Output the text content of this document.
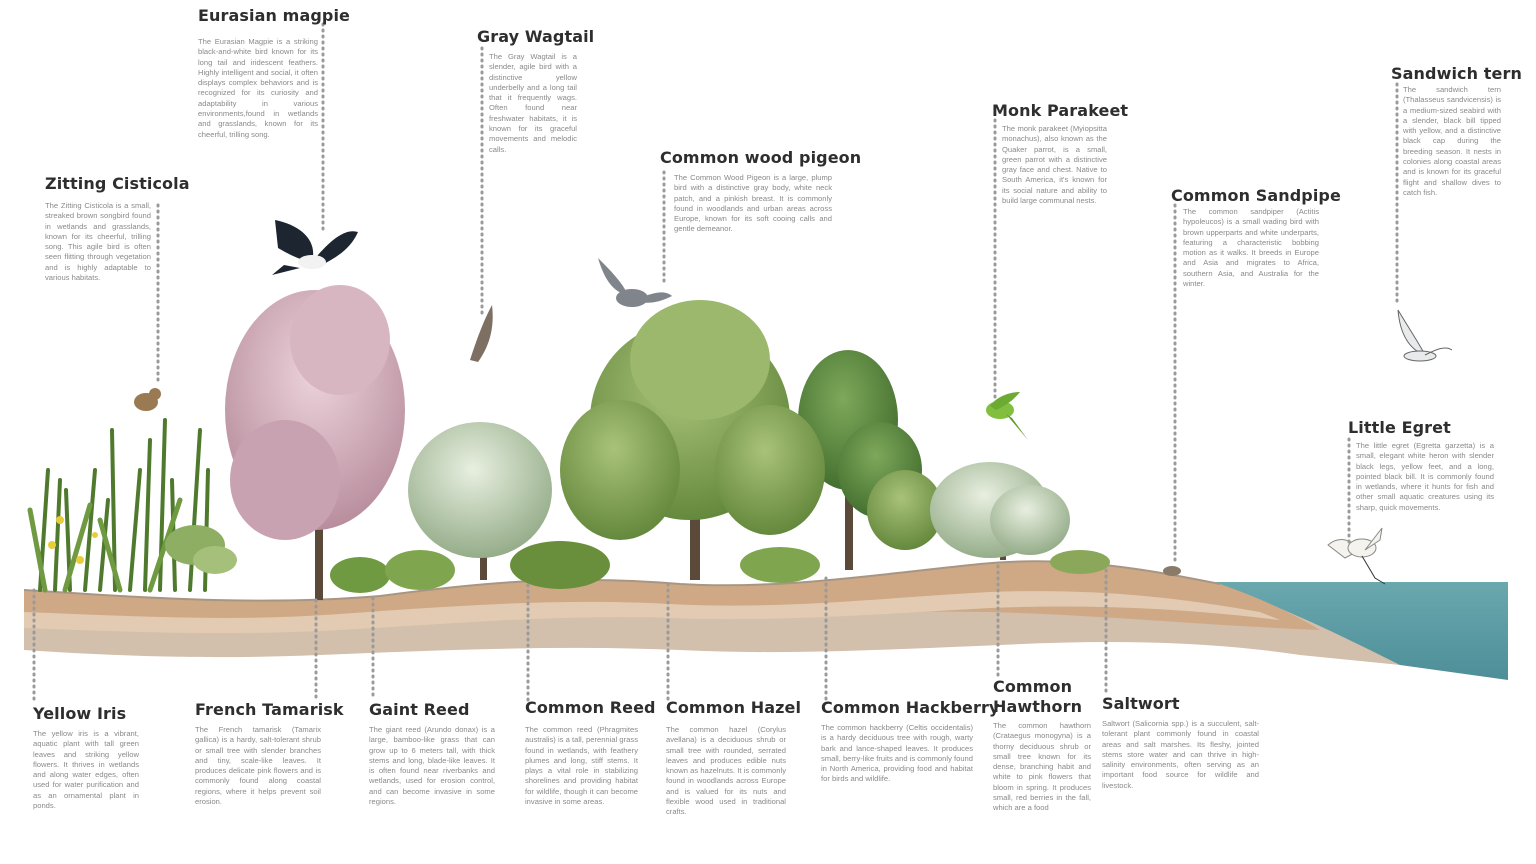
Eurasian magpie
The Eurasian Magpie is a striking black-and-white bird known for its long tail and iridescent feathers. Highly intelligent and social, it often displays complex behaviors and is recognized for its curiosity and adaptability in various environments,found in wetlands and grasslands, known for its cheerful, trilling song.
Gray Wagtail
The Gray Wagtail is a slender, agile bird with a distinctive yellow underbelly and a long tail that it frequently wags. Often found near freshwater habitats, it is known for its graceful movements and melodic calls.
Zitting Cisticola
The Zitting Cisticola is a small, streaked brown songbird found in wetlands and grasslands, known for its cheerful, trilling song. This agile bird is often seen flitting through vegetation and is highly adaptable to various habitats.
Common wood pigeon
The Common Wood Pigeon is a large, plump bird with a distinctive gray body, white neck patch, and a pinkish breast. It is commonly found in woodlands and urban areas across Europe, known for its soft cooing calls and gentle demeanor.
Monk Parakeet
The monk parakeet (Myiopsitta monachus), also known as the Quaker parrot, is a small, green parrot with a distinctive gray face and chest. Native to South America, it's known for its social nature and ability to build large communal nests.	Common Sandpipe
The common sandpiper (Actitis hypoleucos) is a small wading bird with brown upperparts and white underparts, featuring a characteristic bobbing motion as it walks. It breeds in Europe and Asia and migrates to Africa, southern Asia, and Australia for the winter.
Sandwich tern
The sandwich tern (Thalasseus sandvicensis) is a medium-sized seabird with a slender, black bill tipped with yellow, and a distinctive black cap during the breeding season. It nests in colonies along coastal areas and is known for its graceful flight and shallow dives to catch fish.
Little Egret
The little egret (Egretta garzetta) is a small, elegant white heron with slender black legs, yellow feet, and a long, pointed black bill. It is commonly found in wetlands, where it hunts for fish and other small aquatic creatures using its sharp, quick movements.
Yellow Iris
The yellow iris is a vibrant, aquatic plant with tall green leaves and striking yellow flowers. It thrives in wetlands and along water edges, often used for water purification and as an ornamental plant in ponds.
French Tamarisk
The French tamarisk (Tamarix gallica) is a hardy, salt-tolerant shrub or small tree with slender branches and tiny, scale-like leaves. It produces delicate pink flowers and is commonly found along coastal regions, where it helps prevent soil erosion.
Gaint Reed
The giant reed (Arundo donax) is a large, bamboo-like grass that can grow up to 6 meters tall, with thick stems and long, blade-like leaves. It is often found near riverbanks and wetlands, used for erosion control, and can become invasive in some regions.
Common Reed
The common reed (Phragmites australis) is a tall, perennial grass found in wetlands, with feathery plumes and long, stiff stems. It plays a vital role in stabilizing shorelines and providing habitat for wildlife, though it can become invasive in some areas.
Common Hazel
The common hazel (Corylus avellana) is a deciduous shrub or small tree with rounded, serrated leaves and produces edible nuts known as hazelnuts. It is commonly found in woodlands across Europe and is valued for its nuts and flexible wood used in traditional crafts.
Common Hackberry
The common hackberry (Celtis occidentalis) is a hardy deciduous tree with rough, warty bark and lance-shaped leaves. It produces small, berry-like fruits and is commonly found in North America, providing food and habitat for birds and wildlife.
Common Hawthorn
The common hawthorn (Crataegus monogyna) is a thorny deciduous shrub or small tree known for its dense, branching habit and white to pink flowers that bloom in spring. It produces small, red berries in the fall, which are a food
Saltwort
Saltwort (Salicornia spp.) is a succulent, salt-tolerant plant commonly found in coastal areas and salt marshes. Its fleshy, jointed stems store water and can thrive in high-salinity environments, often serving as an important food source for wildlife and livestock.
